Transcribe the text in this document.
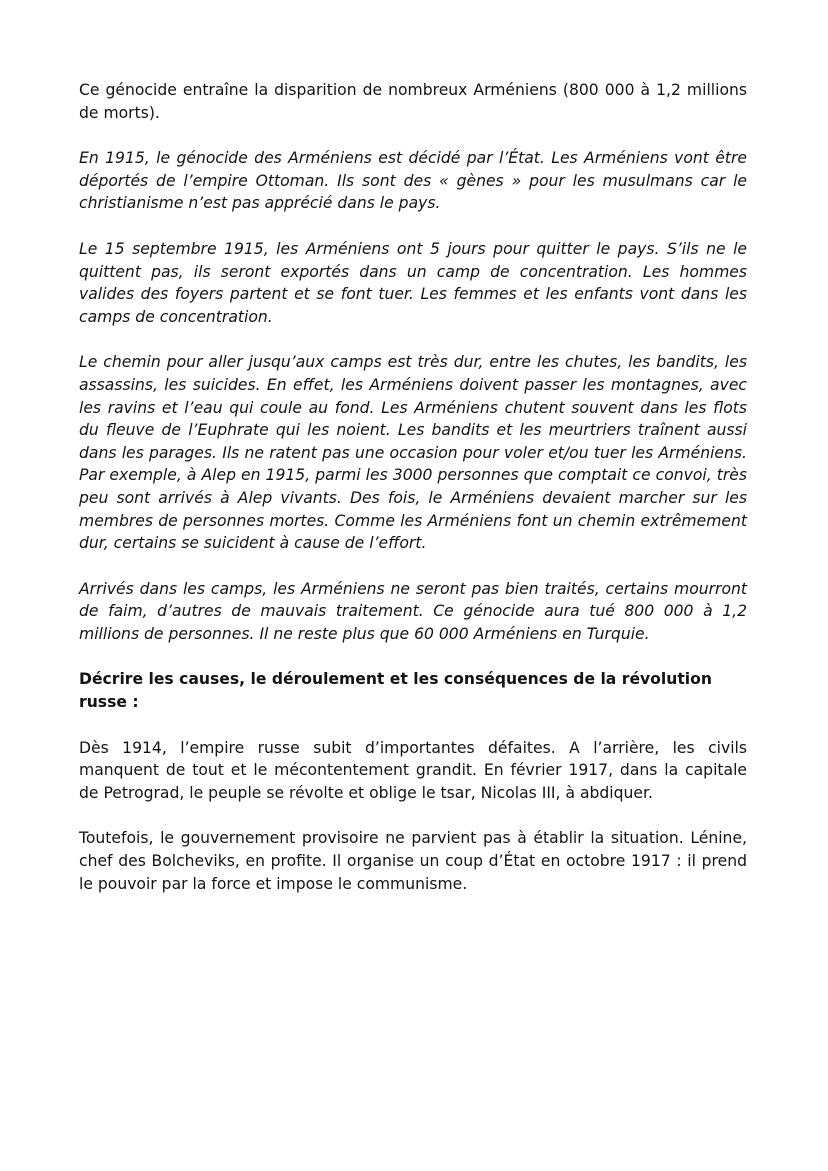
Ce génocide entraîne la disparition de nombreux Arméniens (800 000 à 1,2 millions de morts).

En 1915, le génocide des Arméniens est décidé par l’État. Les Arméniens vont être déportés de l’empire Ottoman. Ils sont des « gènes » pour les musulmans car le christianisme n’est pas apprécié dans le pays.

Le 15 septembre 1915, les Arméniens ont 5 jours pour quitter le pays. S’ils ne le quittent pas, ils seront exportés dans un camp de concentration. Les hommes valides des foyers partent et se font tuer. Les femmes et les enfants vont dans les camps de concentration.

Le chemin pour aller jusqu’aux camps est très dur, entre les chutes, les bandits, les assassins, les suicides. En effet, les Arméniens doivent passer les montagnes, avec les ravins et l’eau qui coule au fond. Les Arméniens chutent souvent dans les flots du fleuve de l’Euphrate qui les noient. Les bandits et les meurtriers traînent aussi dans les parages. Ils ne ratent pas une occasion pour voler et/ou tuer les Arméniens. Par exemple, à Alep en 1915, parmi les 3000 personnes que comptait ce convoi, très peu sont arrivés à Alep vivants. Des fois, le Arméniens devaient marcher sur les membres de personnes mortes. Comme les Arméniens font un chemin extrêmement dur, certains se suicident à cause de l’effort.

Arrivés dans les camps, les Arméniens ne seront pas bien traités, certains mourront de faim, d’autres de mauvais traitement. Ce génocide aura tué 800 000 à 1,2 millions de personnes. Il ne reste plus que 60 000 Arméniens en Turquie.

Décrire les causes, le déroulement et les conséquences de la révolution russe :

Dès 1914, l’empire russe subit d’importantes défaites. A l’arrière, les civils manquent de tout et le mécontentement grandit. En février 1917, dans la capitale de Petrograd, le peuple se révolte et oblige le tsar, Nicolas III, à abdiquer.

Toutefois, le gouvernement provisoire ne parvient pas à établir la situation. Lénine, chef des Bolcheviks, en profite. Il organise un coup d’État en octobre 1917 : il prend le pouvoir par la force et impose le communisme.
